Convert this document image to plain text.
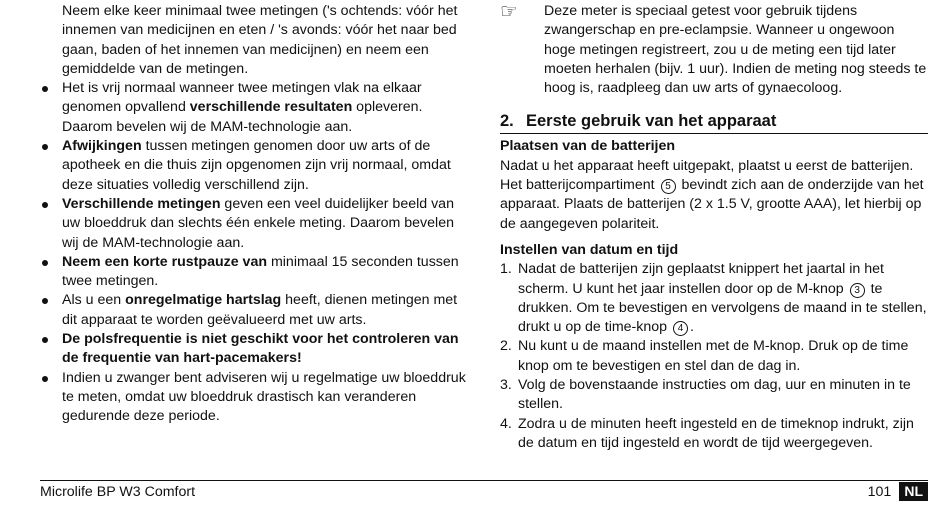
Neem elke keer minimaal twee metingen ('s ochtends: vóór het innemen van medicijnen en eten / 's avonds: vóór het naar bed gaan, baden of het innemen van medicijnen) en neem een gemiddelde van de metingen.

Het is vrij normaal wanneer twee metingen vlak na elkaar genomen opvallend verschillende resultaten opleveren. Daarom bevelen wij de MAM-technologie aan.
Afwijkingen tussen metingen genomen door uw arts of de apotheek en die thuis zijn opgenomen zijn vrij normaal, omdat deze situaties volledig verschillend zijn.
Verschillende metingen geven een veel duidelijker beeld van uw bloeddruk dan slechts één enkele meting. Daarom bevelen wij de MAM-technologie aan.
Neem een korte rustpauze van minimaal 15 seconden tussen twee metingen.
Als u een onregelmatige hartslag heeft, dienen metingen met dit apparaat te worden geëvalueerd met uw arts.
De polsfrequentie is niet geschikt voor het controleren van de frequentie van hart-pacemakers!
Indien u zwanger bent adviseren wij u regelmatige uw bloeddruk te meten, omdat uw bloeddruk drastisch kan veranderen gedurende deze periode.
☞ Deze meter is speciaal getest voor gebruik tijdens zwangerschap en pre-eclampsie. Wanneer u ongewoon hoge metingen registreert, zou u de meting een tijd later moeten herhalen (bijv. 1 uur). Indien de meting nog steeds te hoog is, raadpleeg dan uw arts of gynaecoloog.
2. Eerste gebruik van het apparaat
Plaatsen van de batterijen
Nadat u het apparaat heeft uitgepakt, plaatst u eerst de batterijen. Het batterijcompartiment 5 bevindt zich aan de onderzijde van het apparaat. Plaats de batterijen (2 x 1.5 V, grootte AAA), let hierbij op de aangegeven polariteit.
Instellen van datum en tijd
1. Nadat de batterijen zijn geplaatst knippert het jaartal in het scherm. U kunt het jaar instellen door op de M-knop 3 te drukken. Om te bevestigen en vervolgens de maand in te stellen, drukt u op de time-knop 4 .
2. Nu kunt u de maand instellen met de M-knop. Druk op de time knop om te bevestigen en stel dan de dag in.
3. Volg de bovenstaande instructies om dag, uur en minuten in te stellen.
4. Zodra u de minuten heeft ingesteld en de timeknop indrukt, zijn de datum en tijd ingesteld en wordt de tijd weergegeven.
Microlife BP W3 Comfort	101 NL
